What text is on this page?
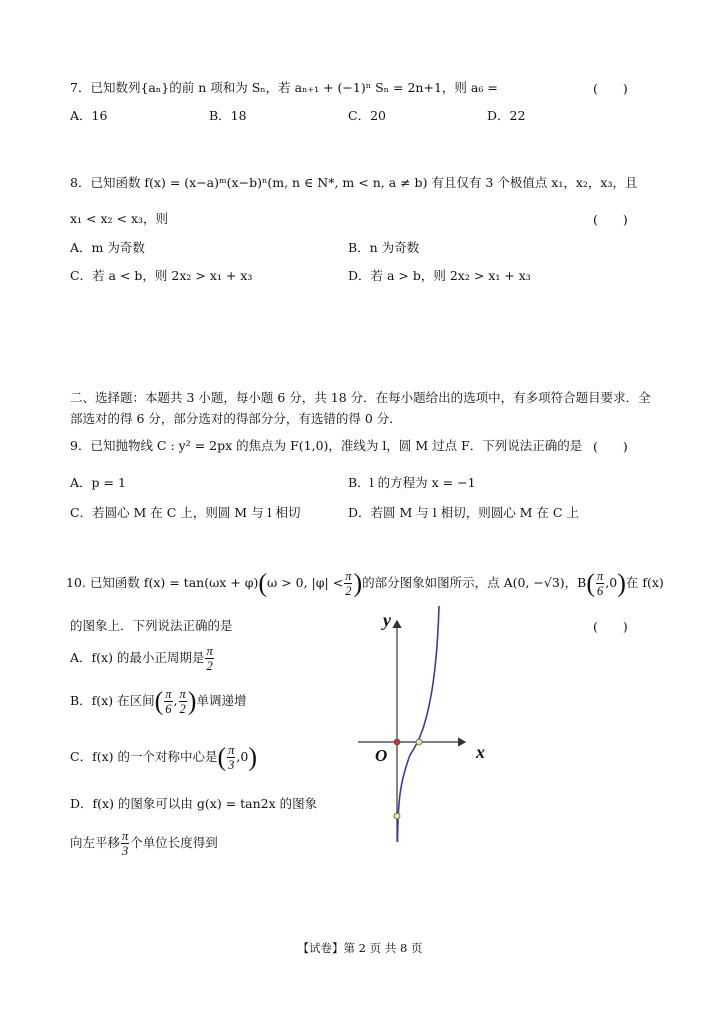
7．已知数列{aₙ}的前 n 项和为 Sₙ，若 aₙ₊₁ + (−1)ⁿ Sₙ = 2n+1，则 a₆ =	(　　)
A．16	B．18	C．20	D．22
8．已知函数 f(x) = (x−a)ᵐ(x−b)ⁿ(m, n ∈ N*, m < n, a ≠ b) 有且仅有 3 个极值点 x₁，x₂，x₃，且
x₁ < x₂ < x₃，则	(　　)
A．m 为奇数	B．n 为奇数
C．若 a < b，则 2x₂ > x₁ + x₃	D．若 a > b，则 2x₂ > x₁ + x₃
二、选择题：本题共 3 小题，每小题 6 分，共 18 分．在每小题给出的选项中，有多项符合题目要求．全
部选对的得 6 分，部分选对的得部分分，有选错的得 0 分．
9．已知抛物线 C : y² = 2px 的焦点为 F(1,0)，准线为 l，圆 M 过点 F．下列说法正确的是 (　　)
A．p = 1	B．l 的方程为 x = −1
C．若圆心 M 在 C 上，则圆 M 与 l 相切	D．若圆 M 与 l 相切，则圆心 M 在 C 上
10. 已知函数 f(x) = tan(ωx + φ)(ω > 0, $|\varphi| < \frac{\pi}{2}$ )的部分图象如图所示，点 A(0, −√3)，$B( \frac{\pi}{6} ,0)$在 f(x)
的图象上．下列说法正确的是	(　　)
A．f(x) 的最小正周期是 $\frac{\pi}{2}$
B．f(x) 在区间( $\frac{\pi}{6}$ , $\frac{\pi}{2}$ )单调递增
C．f(x) 的一个对称中心是( $\frac{\pi}{3} ,0$)
D．f(x) 的图象可以由 g(x) = tan2x 的图象
向左平移 $\frac{\pi}{3}$ 个单位长度得到
y
x
O
【试卷】第 2 页 共 8 页
